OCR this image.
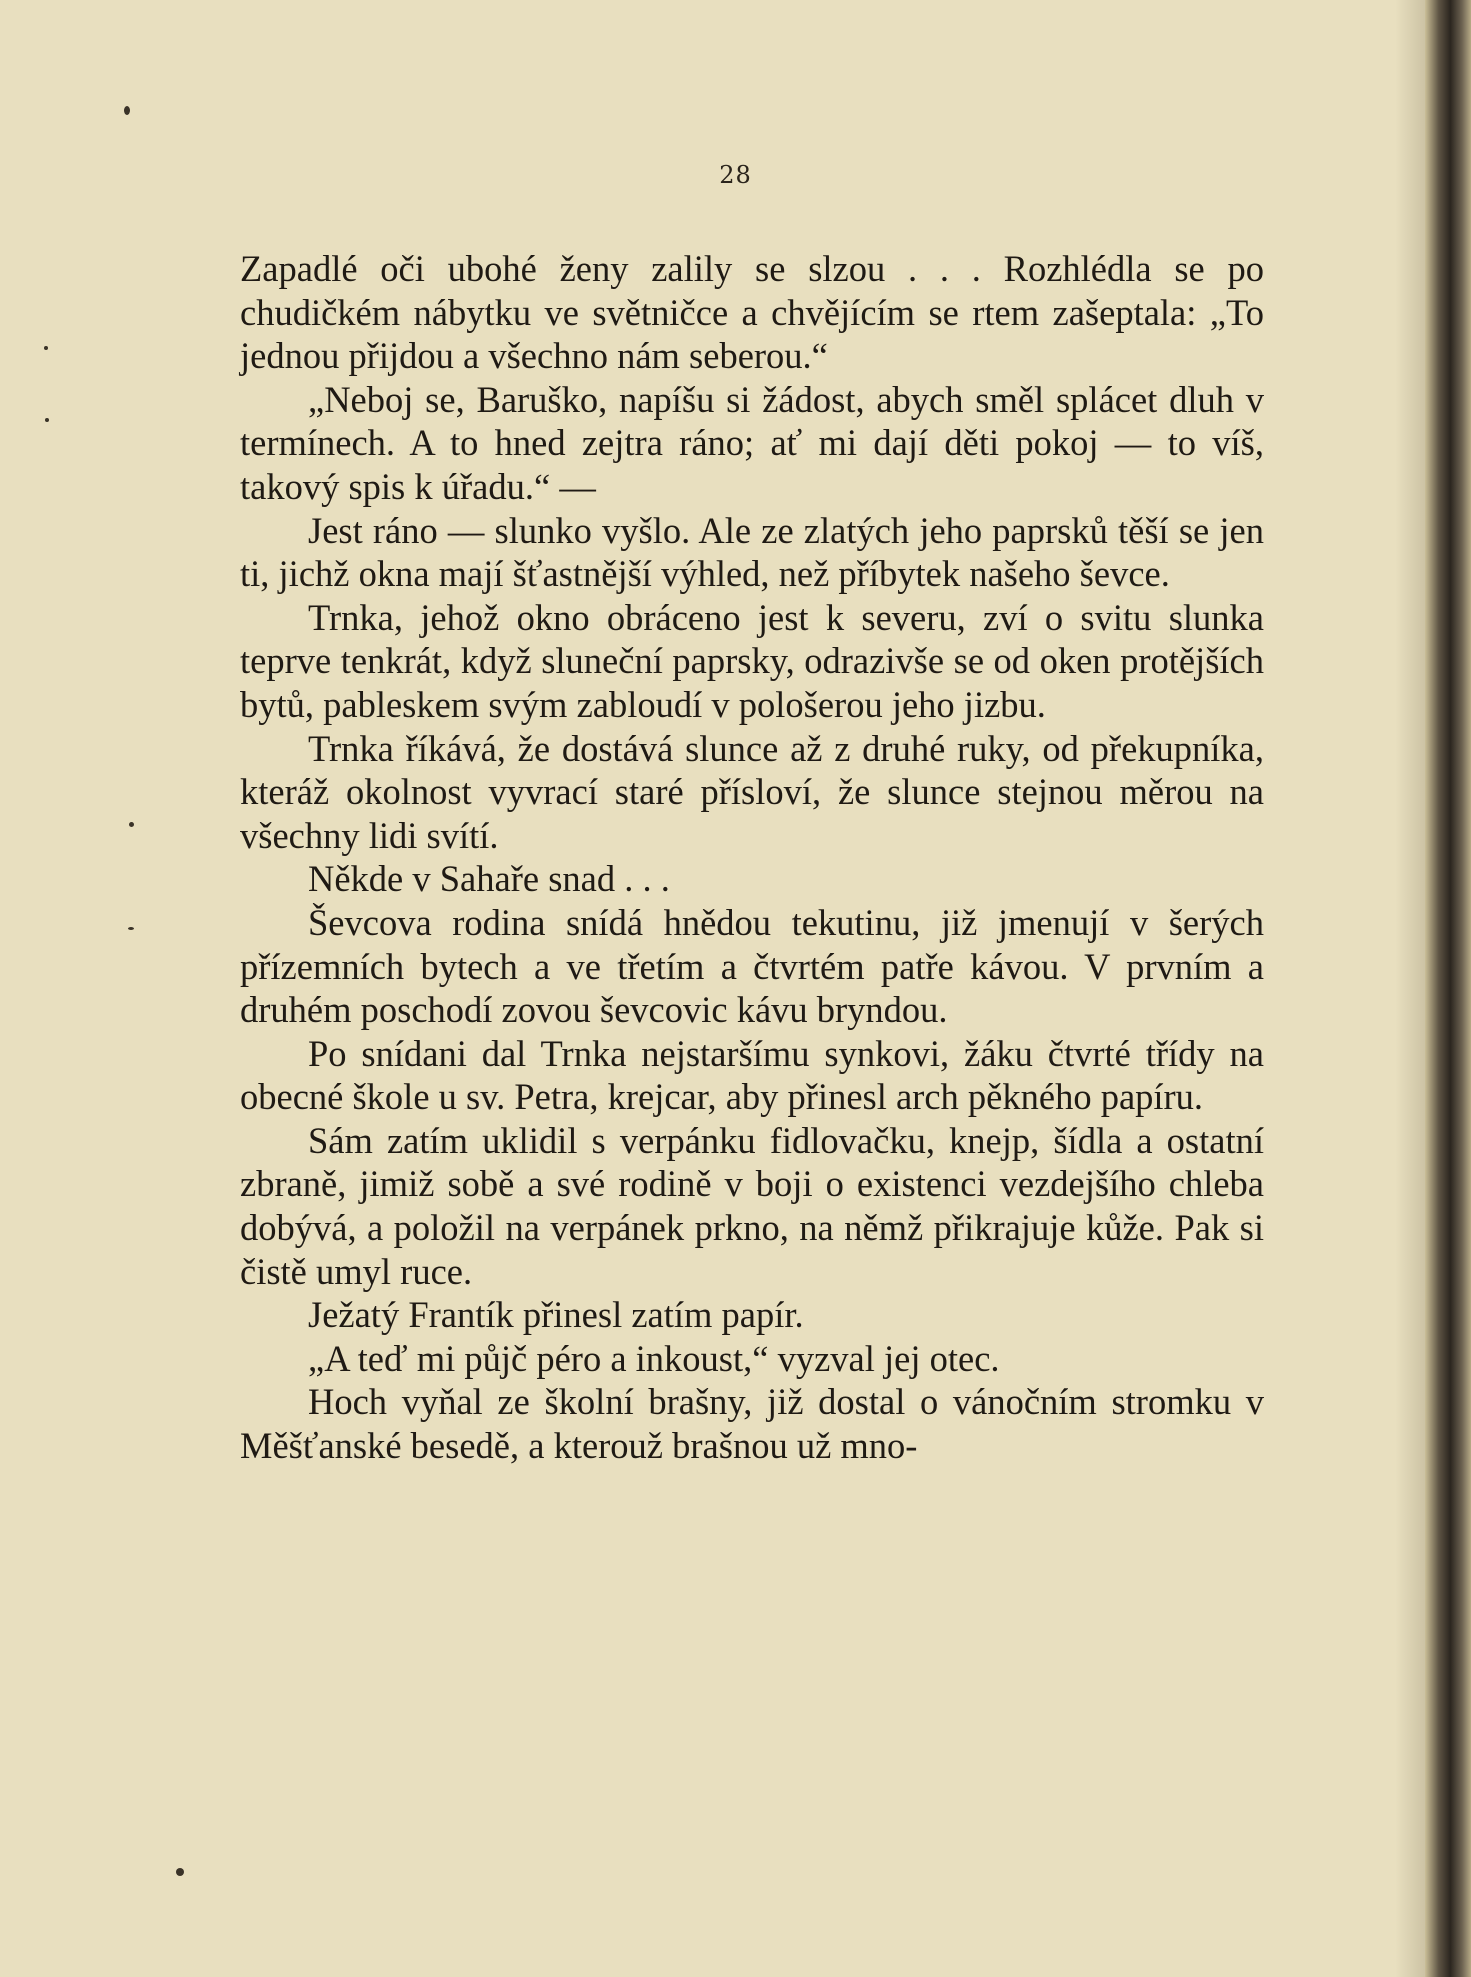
28

Zapadlé oči ubohé ženy zalily se slzou . . . Rozhlédla se po chudičkém nábytku ve světničce a chvějícím se rtem zašeptala: „To jednou přijdou a všechno nám seberou.“

„Neboj se, Baruško, napíšu si žádost, abych směl splácet dluh v termínech. A to hned zejtra ráno; ať mi dají děti pokoj — to víš, takový spis k úřadu.“ —

Jest ráno — slunko vyšlo. Ale ze zlatých jeho paprsků těší se jen ti, jichž okna mají šťastnější výhled, než příbytek našeho ševce.

Trnka, jehož okno obráceno jest k severu, zví o svitu slunka teprve tenkrát, když sluneční paprsky, odrazivše se od oken protějších bytů, pableskem svým zabloudí v pološerou jeho jizbu.

Trnka říkává, že dostává slunce až z druhé ruky, od překupníka, kteráž okolnost vyvrací staré přísloví, že slunce stejnou měrou na všechny lidi svítí.

Někde v Sahaře snad . . .

Ševcova rodina snídá hnědou tekutinu, již jmenují v šerých přízemních bytech a ve třetím a čtvrtém patře kávou. V prvním a druhém poschodí zovou ševcovic kávu bryndou.

Po snídani dal Trnka nejstaršímu synkovi, žáku čtvrté třídy na obecné škole u sv. Petra, krejcar, aby přinesl arch pěkného papíru.

Sám zatím uklidil s verpánku fidlovačku, knejp, šídla a ostatní zbraně, jimiž sobě a své rodině v boji o existenci vezdejšího chleba dobývá, a položil na verpánek prkno, na němž přikrajuje kůže. Pak si čistě umyl ruce.

Ježatý Frantík přinesl zatím papír.

„A teď mi půjč péro a inkoust,“ vyzval jej otec.

Hoch vyňal ze školní brašny, již dostal o vánočním stromku v Měšťanské besedě, a kterouž brašnou už mno-
